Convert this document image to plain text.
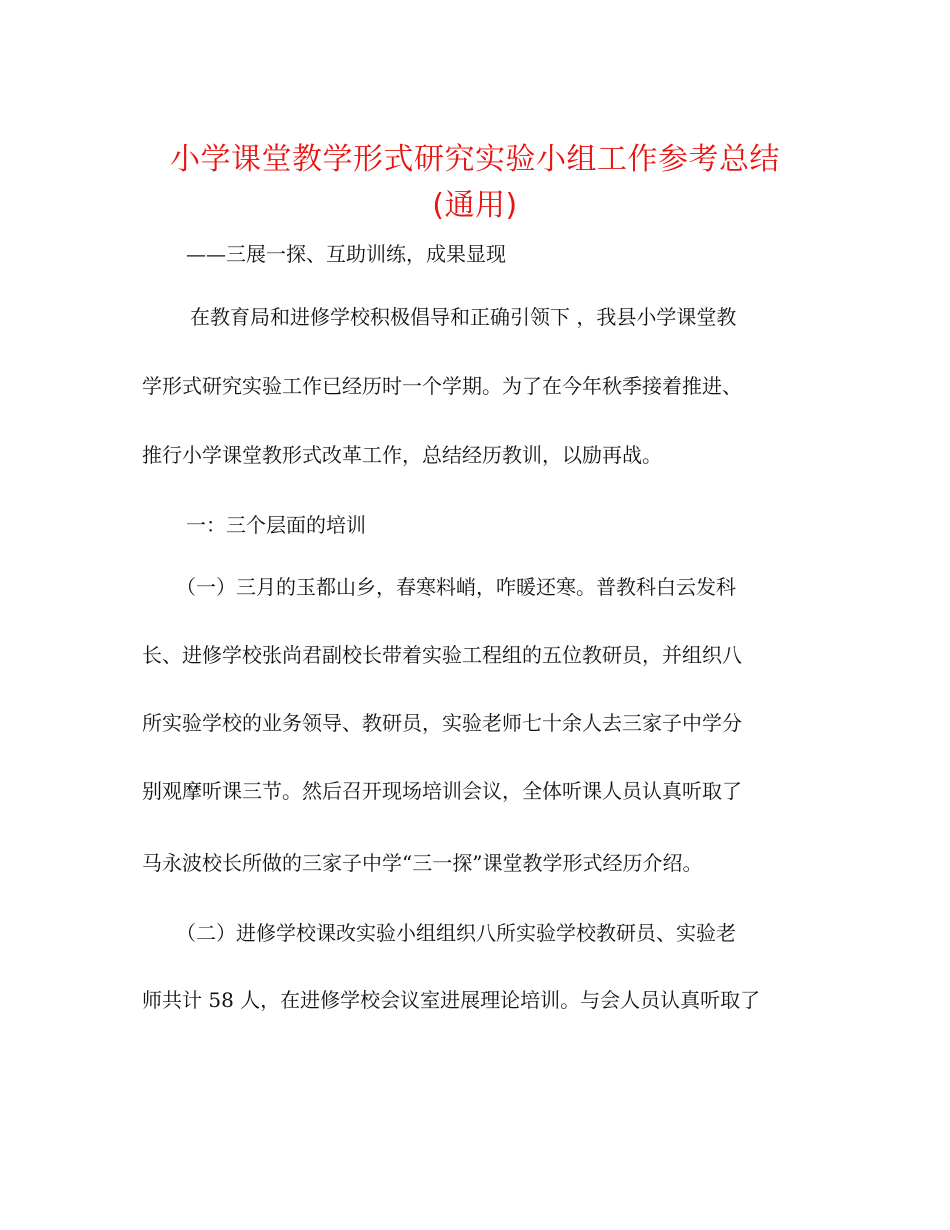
小学课堂教学形式研究实验小组工作参考总结
(通用)
——三展一探、互助训练，成果显现
在教育局和进修学校积极倡导和正确引领下 ，我县小学课堂教
学形式研究实验工作已经历时一个学期。为了在今年秋季接着推进、
推行小学课堂教形式改革工作，总结经历教训，以励再战。
一：三个层面的培训
（一）三月的玉都山乡，春寒料峭，咋暖还寒。普教科白云发科
长、进修学校张尚君副校长带着实验工程组的五位教研员，并组织八
所实验学校的业务领导、教研员，实验老师七十余人去三家子中学分
别观摩听课三节。然后召开现场培训会议，全体听课人员认真听取了
马永波校长所做的三家子中学“三一探”课堂教学形式经历介绍。
（二）进修学校课改实验小组组织八所实验学校教研员、实验老
师共计 58 人，在进修学校会议室进展理论培训。与会人员认真听取了
